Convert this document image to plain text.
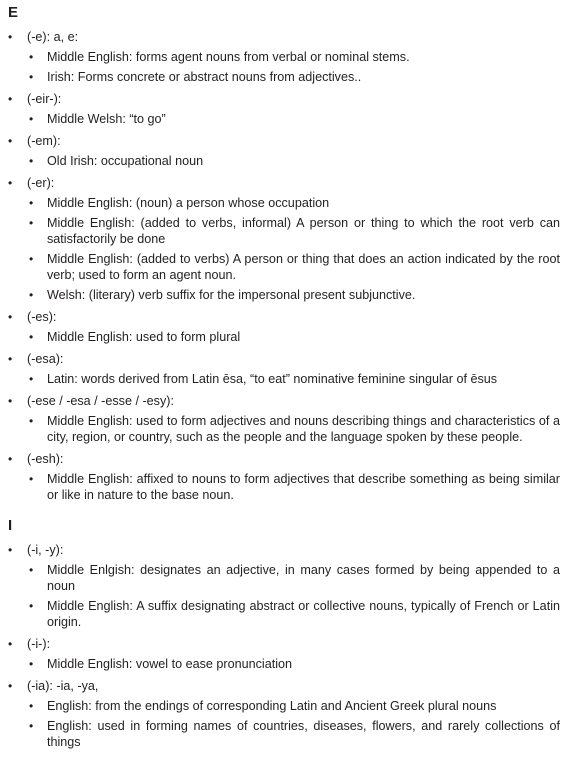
E
• (-e): a, e:
• Middle English: forms agent nouns from verbal or nominal stems.
• Irish: Forms concrete or abstract nouns from adjectives..
• (-eir-):
• Middle Welsh: “to go”
• (-em):
• Old Irish: occupational noun
• (-er):
• Middle English: (noun) a person whose occupation
• Middle English: (added to verbs, informal) A person or thing to which the root verb can satisfactorily be done
• Middle English: (added to verbs) A person or thing that does an action indicated by the root verb; used to form an agent noun.
• Welsh: (literary) verb suffix for the impersonal present subjunctive.
• (-es):
• Middle English: used to form plural
• (-esa):
• Latin: words derived from Latin ēsa, “to eat” nominative feminine singular of ēsus
• (-ese / -esa / -esse / -esy):
• Middle English: used to form adjectives and nouns describing things and characteristics of a city, region, or country, such as the people and the language spoken by these people.
• (-esh):
• Middle English: affixed to nouns to form adjectives that describe something as being similar or like in nature to the base noun.
I
• (-i, -y):
• Middle Enlgish: designates an adjective, in many cases formed by being appended to a noun
• Middle English: A suffix designating abstract or collective nouns, typically of French or Latin origin.
• (-i-):
• Middle English: vowel to ease pronunciation
• (-ia): -ia, -ya,
• English: from the endings of corresponding Latin and Ancient Greek plural nouns
• English: used in forming names of countries, diseases, flowers, and rarely collections of things
